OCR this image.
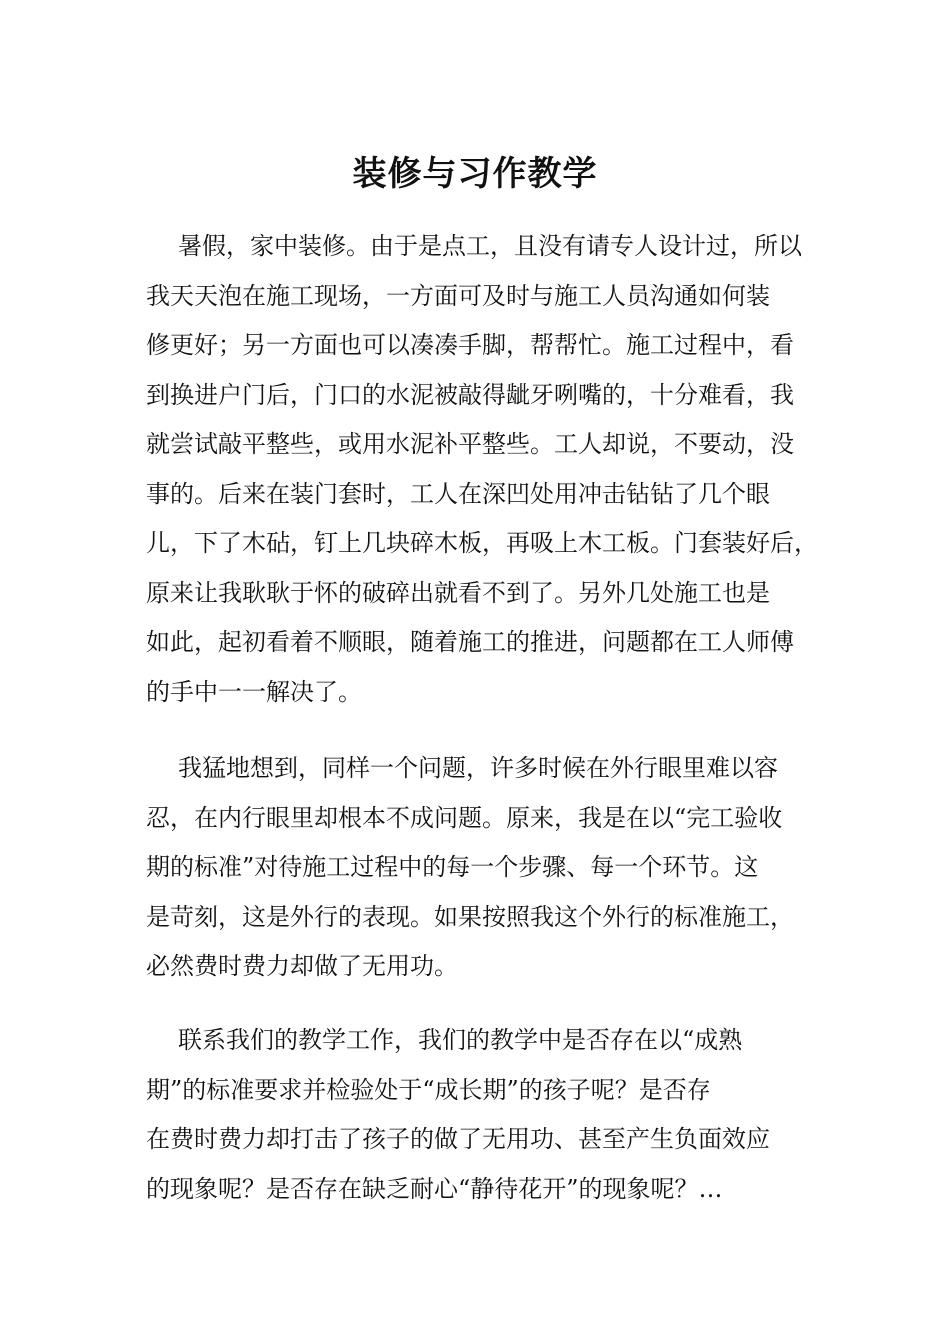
装修与习作教学

暑假，家中装修。由于是点工，且没有请专人设计过，所以
我天天泡在施工现场，一方面可及时与施工人员沟通如何装
修更好；另一方面也可以凑凑手脚，帮帮忙。施工过程中，看
到换进户门后，门口的水泥被敲得龇牙咧嘴的，十分难看，我
就尝试敲平整些，或用水泥补平整些。工人却说，不要动，没
事的。后来在装门套时，工人在深凹处用冲击钻钻了几个眼
儿，下了木砧，钉上几块碎木板，再吸上木工板。门套装好后，
原来让我耿耿于怀的破碎出就看不到了。另外几处施工也是
如此，起初看着不顺眼，随着施工的推进，问题都在工人师傅
的手中一一解决了。

我猛地想到，同样一个问题，许多时候在外行眼里难以容
忍，在内行眼里却根本不成问题。原来，我是在以“完工验收
期的标准”对待施工过程中的每一个步骤、每一个环节。这
是苛刻，这是外行的表现。如果按照我这个外行的标准施工，
必然费时费力却做了无用功。

联系我们的教学工作，我们的教学中是否存在以“成熟
期”的标准要求并检验处于“成长期”的孩子呢？是否存
在费时费力却打击了孩子的做了无用功、甚至产生负面效应
的现象呢？是否存在缺乏耐心“静待花开”的现象呢？…
